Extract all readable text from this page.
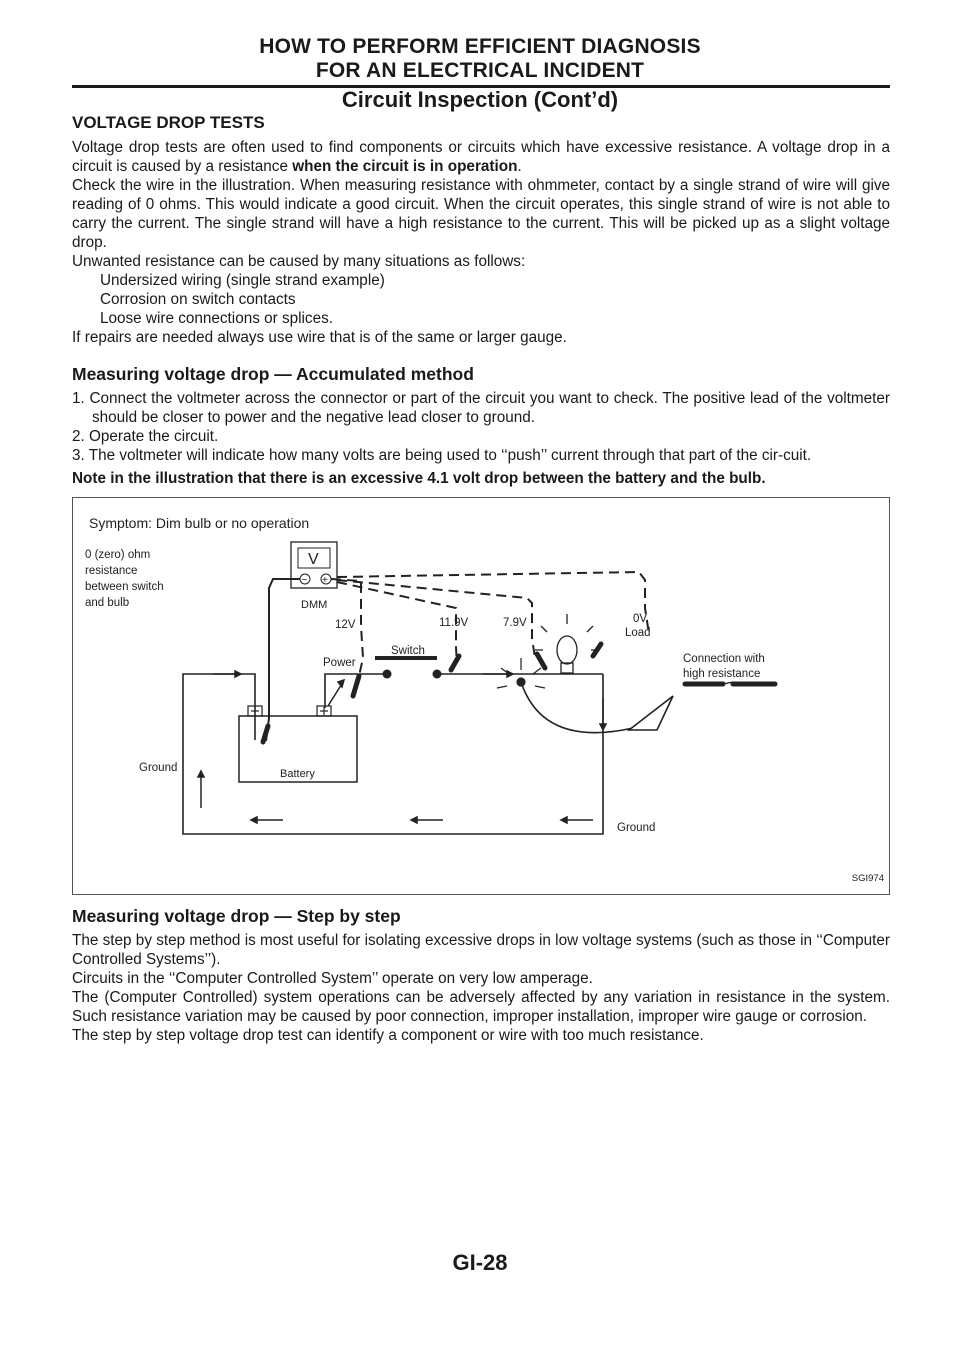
HOW TO PERFORM EFFICIENT DIAGNOSIS
FOR AN ELECTRICAL INCIDENT
Circuit Inspection (Cont’d)
VOLTAGE DROP TESTS

Voltage drop tests are often used to find components or circuits which have excessive resistance. A voltage drop in a circuit is caused by a resistance when the circuit is in operation.

Check the wire in the illustration. When measuring resistance with ohmmeter, contact by a single strand of wire will give reading of 0 ohms. This would indicate a good circuit. When the circuit operates, this single strand of wire is not able to carry the current. The single strand will have a high resistance to the current. This will be picked up as a slight voltage drop.

Unwanted resistance can be caused by many situations as follows:

Undersized wiring (single strand example)

Corrosion on switch contacts

Loose wire connections or splices.

If repairs are needed always use wire that is of the same or larger gauge.

Measuring voltage drop — Accumulated method

1. Connect the voltmeter across the connector or part of the circuit you want to check. The positive lead of the voltmeter should be closer to power and the negative lead closer to ground.

2. Operate the circuit.

3. The voltmeter will indicate how many volts are being used to ‘‘push’’ current through that part of the cir-cuit.

Note in the illustration that there is an excessive 4.1 volt drop between the battery and the bulb.

Symptom: Dim bulb or no operation
0 (zero) ohm
resistance
between switch
and bulb
V
− +
DMM
Switch
Power
Battery
Ground
12V	11.9V	7.9V	0V
Load
Connection with
high resistance
Ground
SGI974
Measuring voltage drop — Step by step

The step by step method is most useful for isolating excessive drops in low voltage systems (such as those in ‘‘Computer Controlled Systems’’).

Circuits in the ‘‘Computer Controlled System’’ operate on very low amperage.

The (Computer Controlled) system operations can be adversely affected by any variation in resistance in the system. Such resistance variation may be caused by poor connection, improper installation, improper wire gauge or corrosion.

The step by step voltage drop test can identify a component or wire with too much resistance.

GI-28
